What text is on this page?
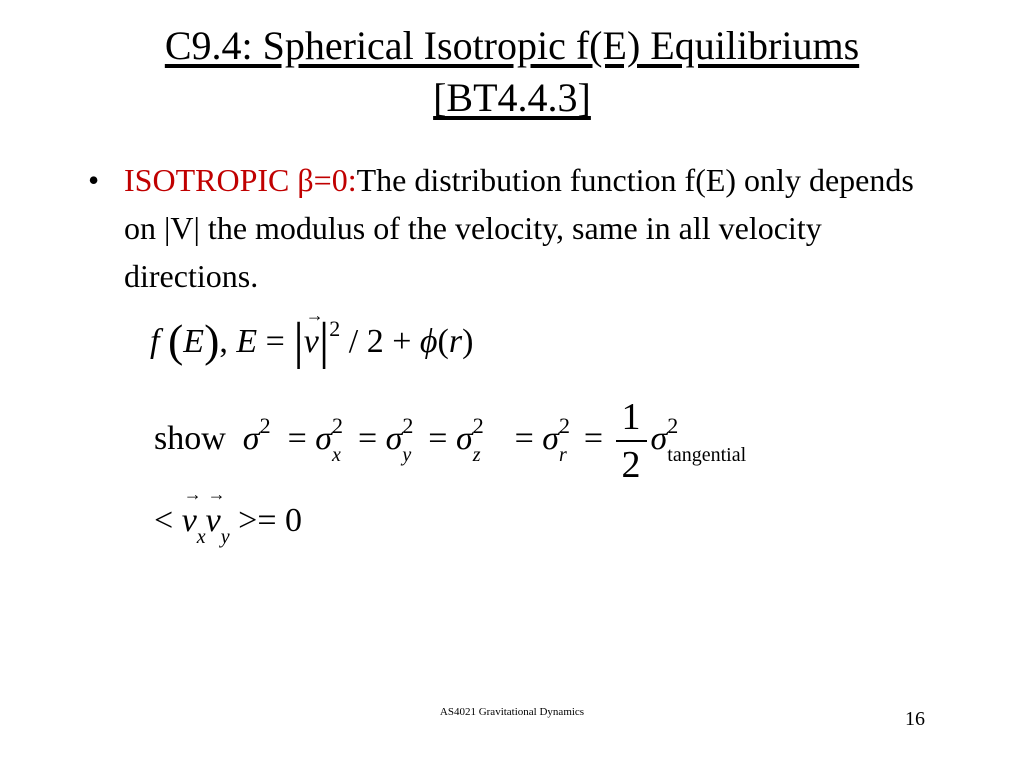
C9.4: Spherical Isotropic f(E) Equilibriums
[BT4.4.3]
• ISOTROPIC β=0:The distribution function f(E) only depends on |V| the modulus of the velocity, same in all velocity directions.
f (E), E = |→ $v|^2 / 2 + \phi(r)$
show  $\sigma^2 = \sigma^2_x = \sigma^2_y = \sigma^2_z$    = $\sigma^2_r = \frac{1}{2} \sigma^2_{tangential}$
< → $v_x\to v_y >= 0$
AS4021 Gravitational Dynamics	16
